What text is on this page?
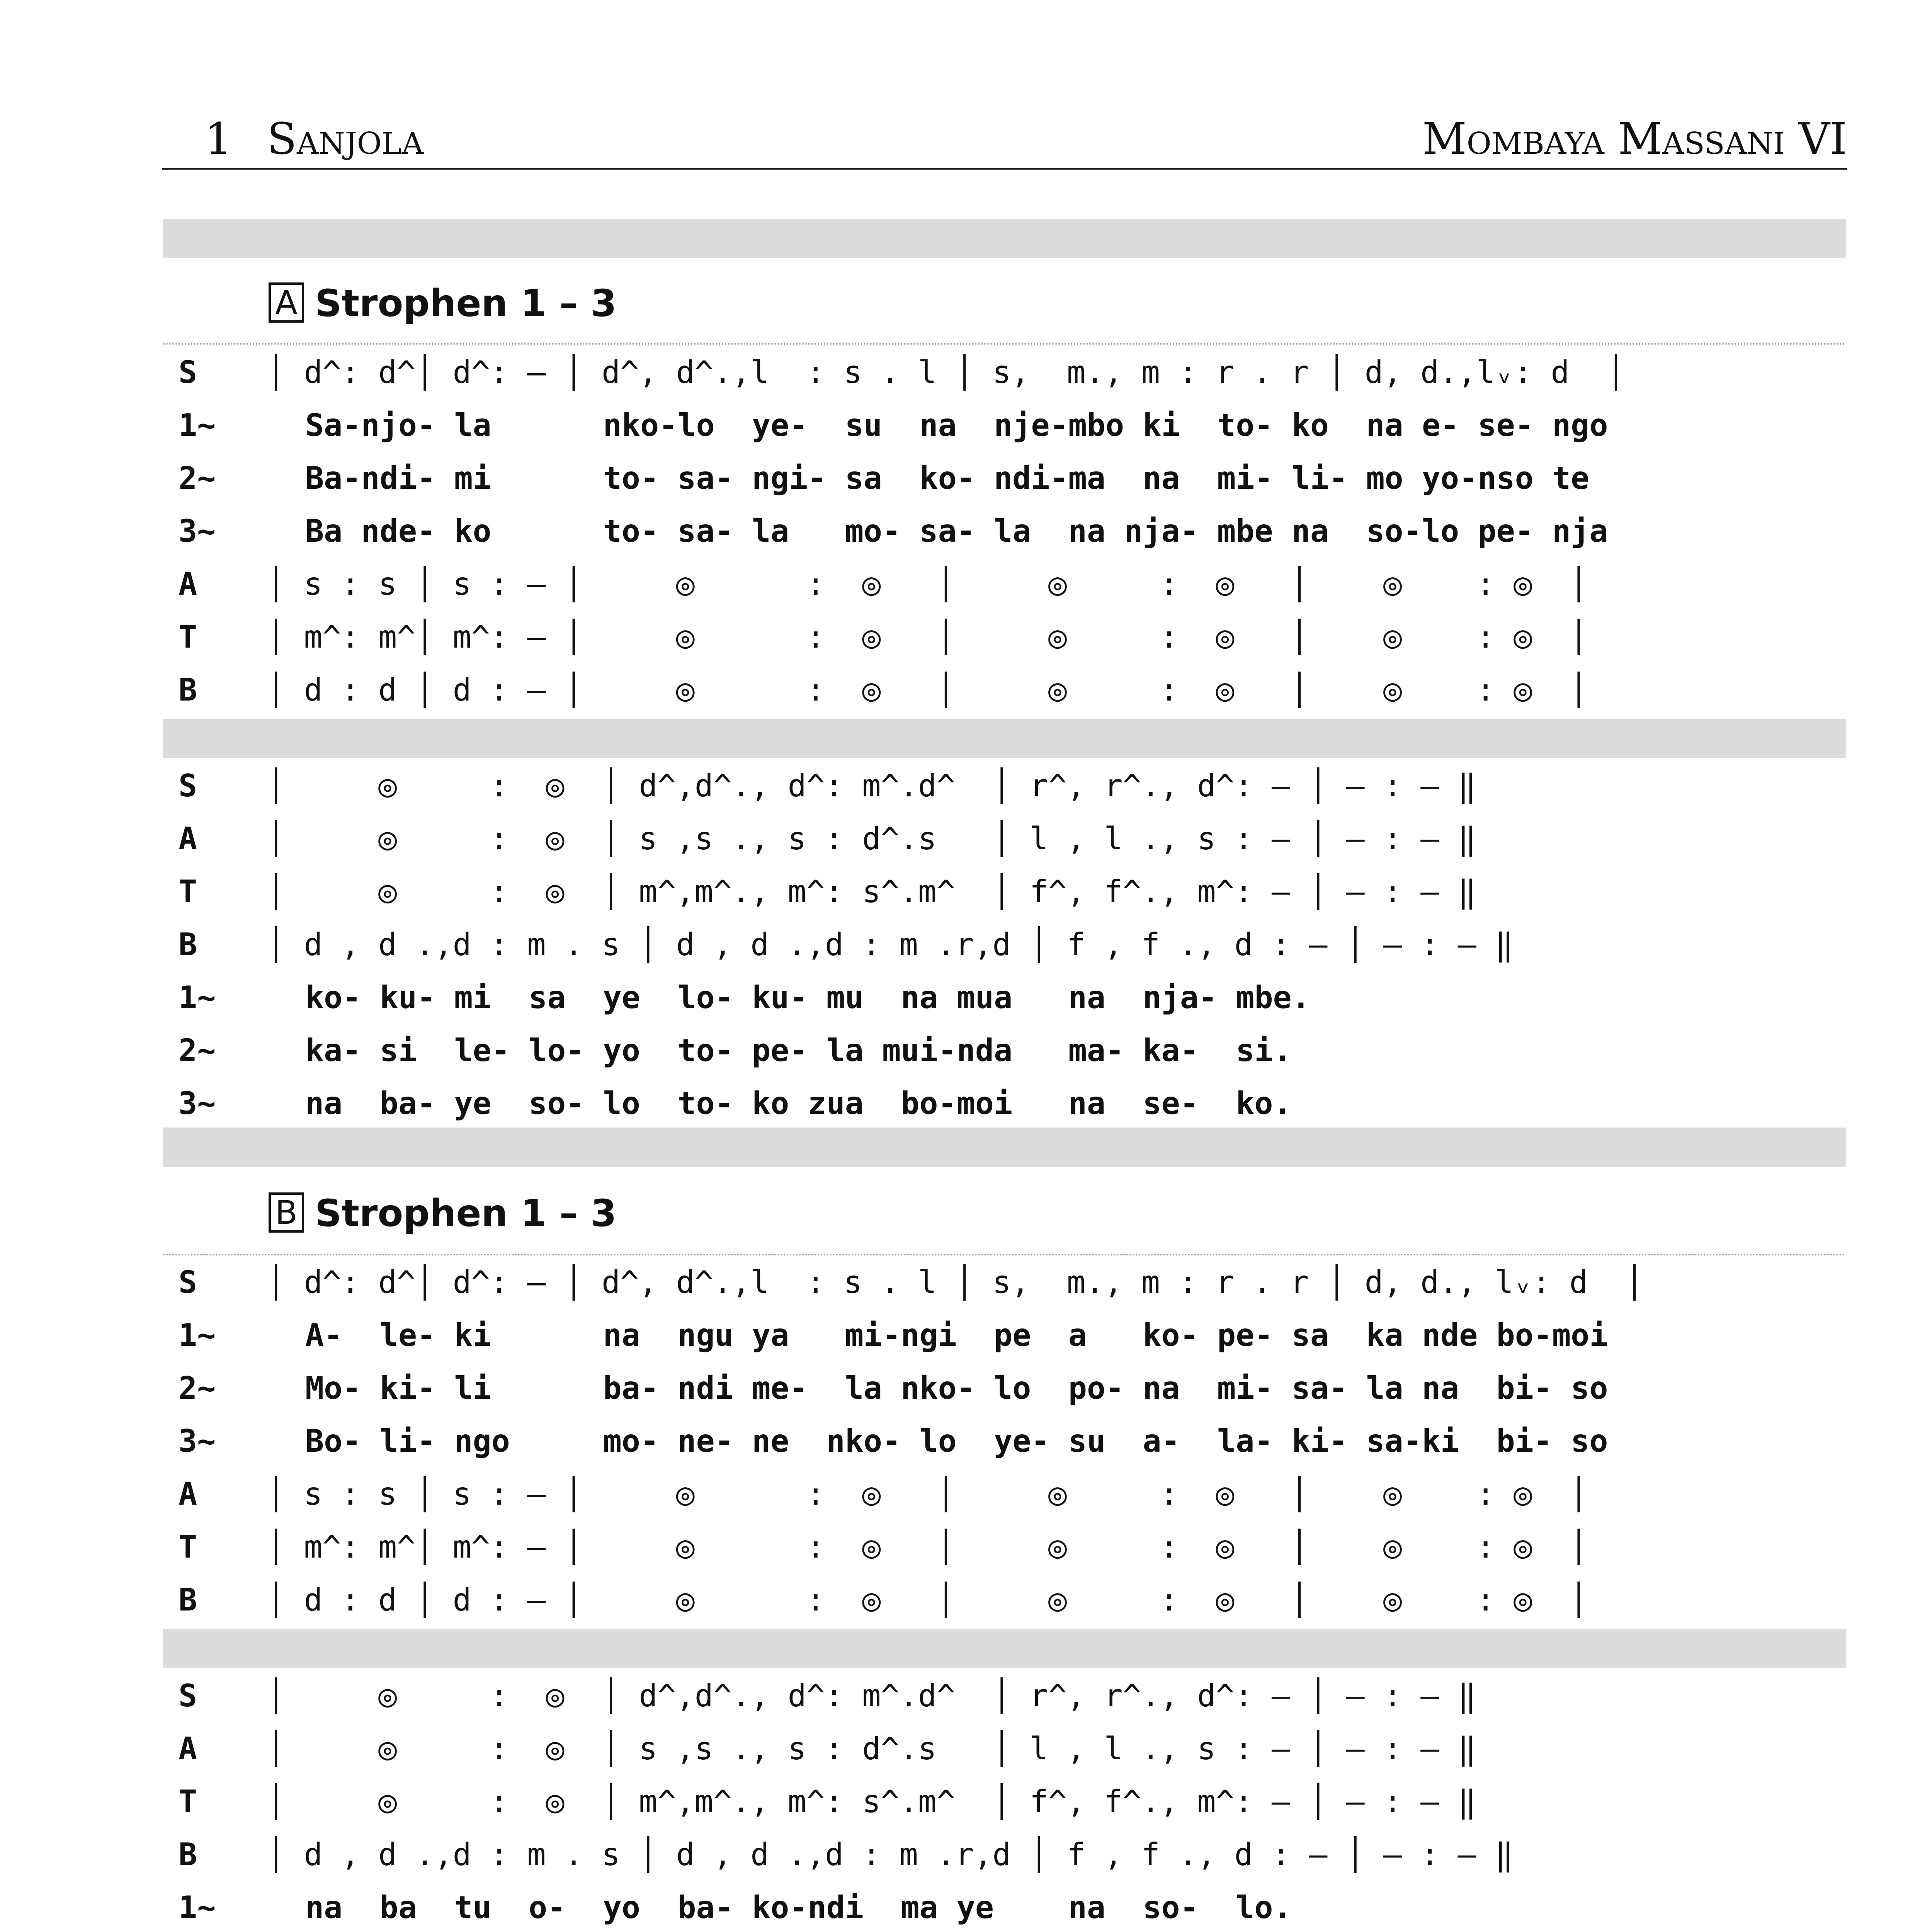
1 Sanjola	Mombaya Massani VI
A Strophen 1 – 3
S │ d^: d^│ d^: – │ d^, d^.,l  : s . l │ s,  m., m : r . r │ d, d.,lᵥ: d  │
1~	Sa-njo- la      nko-lo  ye-  su  na  nje-mbo ki  to- ko  na e- se- ngo
2~	Ba-ndi- mi      to- sa- ngi- sa  ko- ndi-ma  na  mi- li- mo yo-nso te
3~	Ba nde- ko      to- sa- la   mo- sa- la  na nja- mbe na  so-lo pe- nja
A │ s : s │ s : – │     ◎      :  ◎   │     ◎     :  ◎   │    ◎    : ◎  │
T │ m^: m^│ m^: – │     ◎      :  ◎   │     ◎     :  ◎   │    ◎    : ◎  │
B │ d : d │ d : – │     ◎      :  ◎   │     ◎     :  ◎   │    ◎    : ◎  │
S │     ◎     :  ◎  │ d^,d^., d^: m^.d^  │ r^, r^., d^: – │ – : – ‖
A │     ◎     :  ◎  │ s ,s ., s : d^.s   │ l , l ., s : – │ – : – ‖
T │     ◎     :  ◎  │ m^,m^., m^: s^.m^  │ f^, f^., m^: – │ – : – ‖
B │ d , d .,d : m . s │ d , d .,d : m .r,d │ f , f ., d : – │ – : – ‖
1~	ko- ku- mi  sa  ye  lo- ku- mu  na mua   na  nja- mbe.
2~	ka- si  le- lo- yo  to- pe- la mui-nda   ma- ka-  si.
3~	na  ba- ye  so- lo  to- ko zua  bo-moi   na  se-  ko.
B Strophen 1 – 3
S │ d^: d^│ d^: – │ d^, d^.,l  : s . l │ s,  m., m : r . r │ d, d., lᵥ: d  │
1~	A-  le- ki      na  ngu ya   mi-ngi  pe  a   ko- pe- sa  ka nde bo-moi
2~	Mo- ki- li      ba- ndi me-  la nko- lo  po- na  mi- sa- la na  bi- so
3~	Bo- li- ngo     mo- ne- ne  nko- lo  ye- su  a-  la- ki- sa-ki  bi- so
A │ s : s │ s : – │     ◎      :  ◎   │     ◎     :  ◎   │    ◎    : ◎  │
T │ m^: m^│ m^: – │     ◎      :  ◎   │     ◎     :  ◎   │    ◎    : ◎  │
B │ d : d │ d : – │     ◎      :  ◎   │     ◎     :  ◎   │    ◎    : ◎  │
S │     ◎     :  ◎  │ d^,d^., d^: m^.d^  │ r^, r^., d^: – │ – : – ‖
A │     ◎     :  ◎  │ s ,s ., s : d^.s   │ l , l ., s : – │ – : – ‖
T │     ◎     :  ◎  │ m^,m^., m^: s^.m^  │ f^, f^., m^: – │ – : – ‖
B │ d , d .,d : m . s │ d , d .,d : m .r,d │ f , f ., d : – │ – : – ‖
1~	na  ba  tu  o-  yo  ba- ko-ndi  ma ye    na  so-  lo.
